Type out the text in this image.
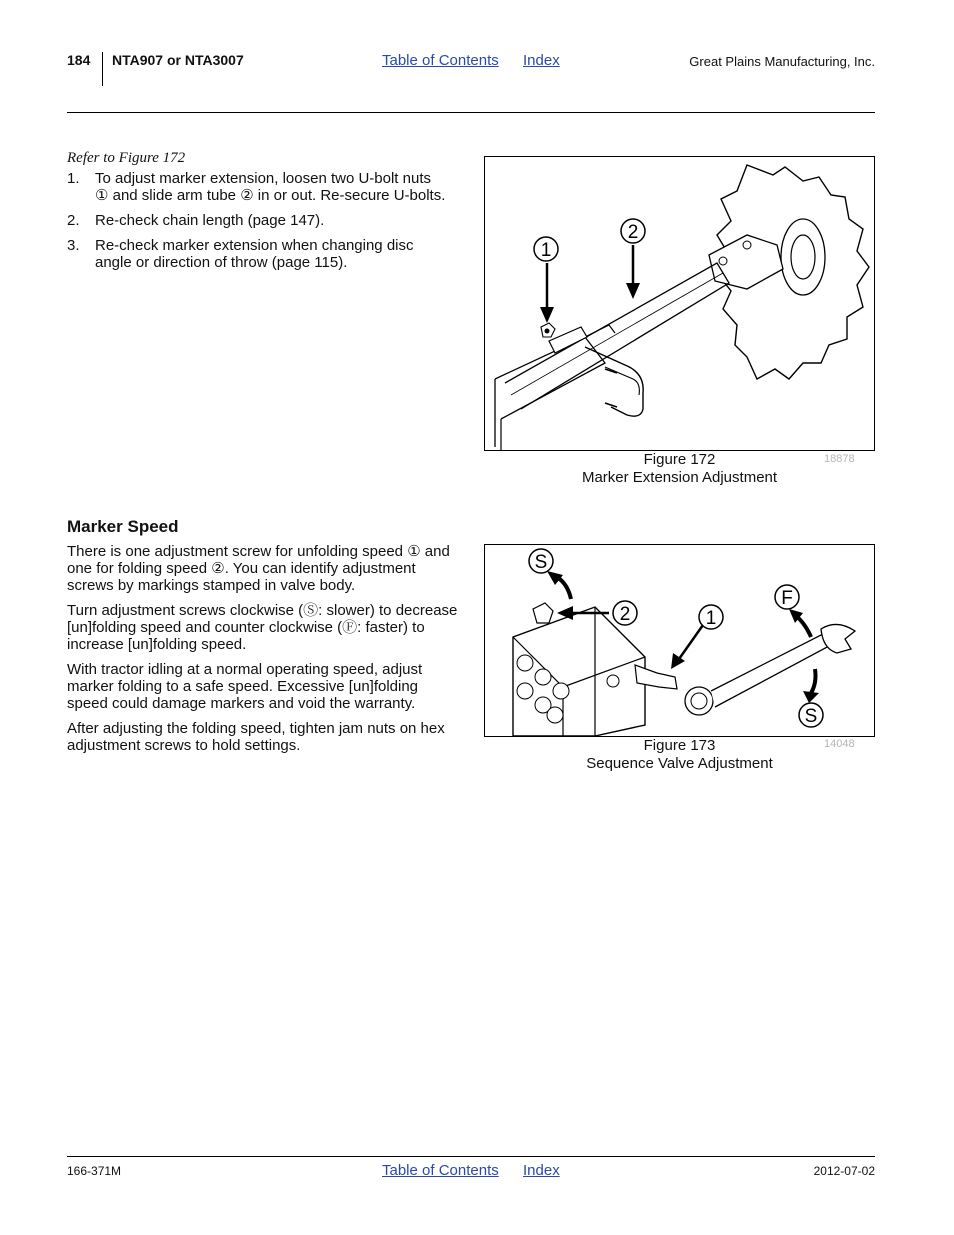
184 NTA907 or NTA3007	Table of Contents Index	Great Plains Manufacturing, Inc.
Refer to Figure 172
1. To adjust marker extension, loosen two U-bolt nuts ① and slide arm tube ② in or out. Re-secure U-bolts.
2. Re-check chain length (page 147).
3. Re-check marker extension when changing disc angle or direction of throw (page 115).
1
2
Figure 172
Marker Extension Adjustment
18878
Marker Speed

There is one adjustment screw for unfolding speed ① and one for folding speed ②. You can identify adjustment screws by markings stamped in valve body.

Turn adjustment screws clockwise (Ⓢ: slower) to decrease [un]folding speed and counter clockwise (Ⓕ: faster) to increase [un]folding speed.

With tractor idling at a normal operating speed, adjust marker folding to a safe speed. Excessive [un]folding speed could damage markers and void the warranty.

After adjusting the folding speed, tighten jam nuts on hex adjustment screws to hold settings.

S
2	1
F
S
Figure 173
Sequence Valve Adjustment
14048
166-371M	Table of Contents Index	2012-07-02
